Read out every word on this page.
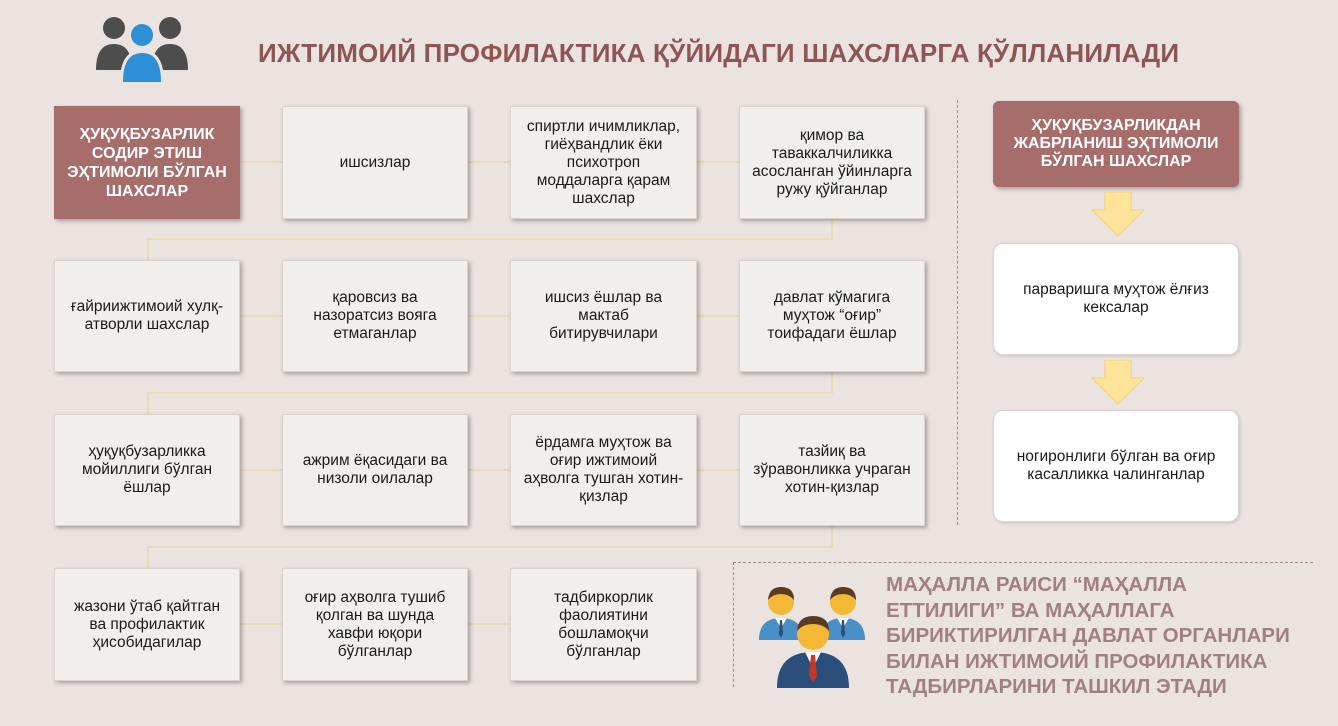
ИЖТИМОИЙ ПРОФИЛАКТИКА ҚЎЙИДАГИ ШАХСЛАРГА ҚЎЛЛАНИЛАДИ
ҲУҚУҚБУЗАРЛИК СОДИР ЭТИШ ЭҲТИМОЛИ БЎЛГАН ШАХСЛАР
ишсизлар
спиртли ичимликлар, гиёҳвандлик ёки психотроп моддаларга қарам шахслар
қимор ва таваккалчиликка асосланган ўйинларга ружу қўйганлар
ғайриижтимоий хулқ-атворли шахслар
қаровсиз ва назоратсиз вояга етмаганлар
ишсиз ёшлар ва мактаб битирувчилари
давлат кўмагига муҳтож “оғир” тоифадаги ёшлар
ҳуқуқбузарликка мойиллиги бўлган ёшлар
ажрим ёқасидаги ва низоли оилалар
ёрдамга муҳтож ва оғир ижтимоий аҳволга тушган хотин-қизлар
тазйиқ ва зўравонликка учраган хотин-қизлар
жазони ўтаб қайтган ва профилактик ҳисобидагилар
оғир аҳволга тушиб қолган ва шунда хавфи юқори бўлганлар
тадбиркорлик фаолиятини бошламоқчи бўлганлар
ҲУҚУҚБУЗАРЛИКДАН ЖАБРЛАНИШ ЭҲТИМОЛИ БЎЛГАН ШАХСЛАР
парваришга муҳтож ёлғиз кексалар
ногиронлиги бўлган ва оғир касалликка чалинганлар
МАҲАЛЛА РАИСИ “МАҲАЛЛА
ЕТТИЛИГИ” ВА МАҲАЛЛАГА
БИРИКТИРИЛГАН ДАВЛАТ ОРГАНЛАРИ
БИЛАН ИЖТИМОИЙ ПРОФИЛАКТИКА
ТАДБИРЛАРИНИ ТАШКИЛ ЭТАДИ
